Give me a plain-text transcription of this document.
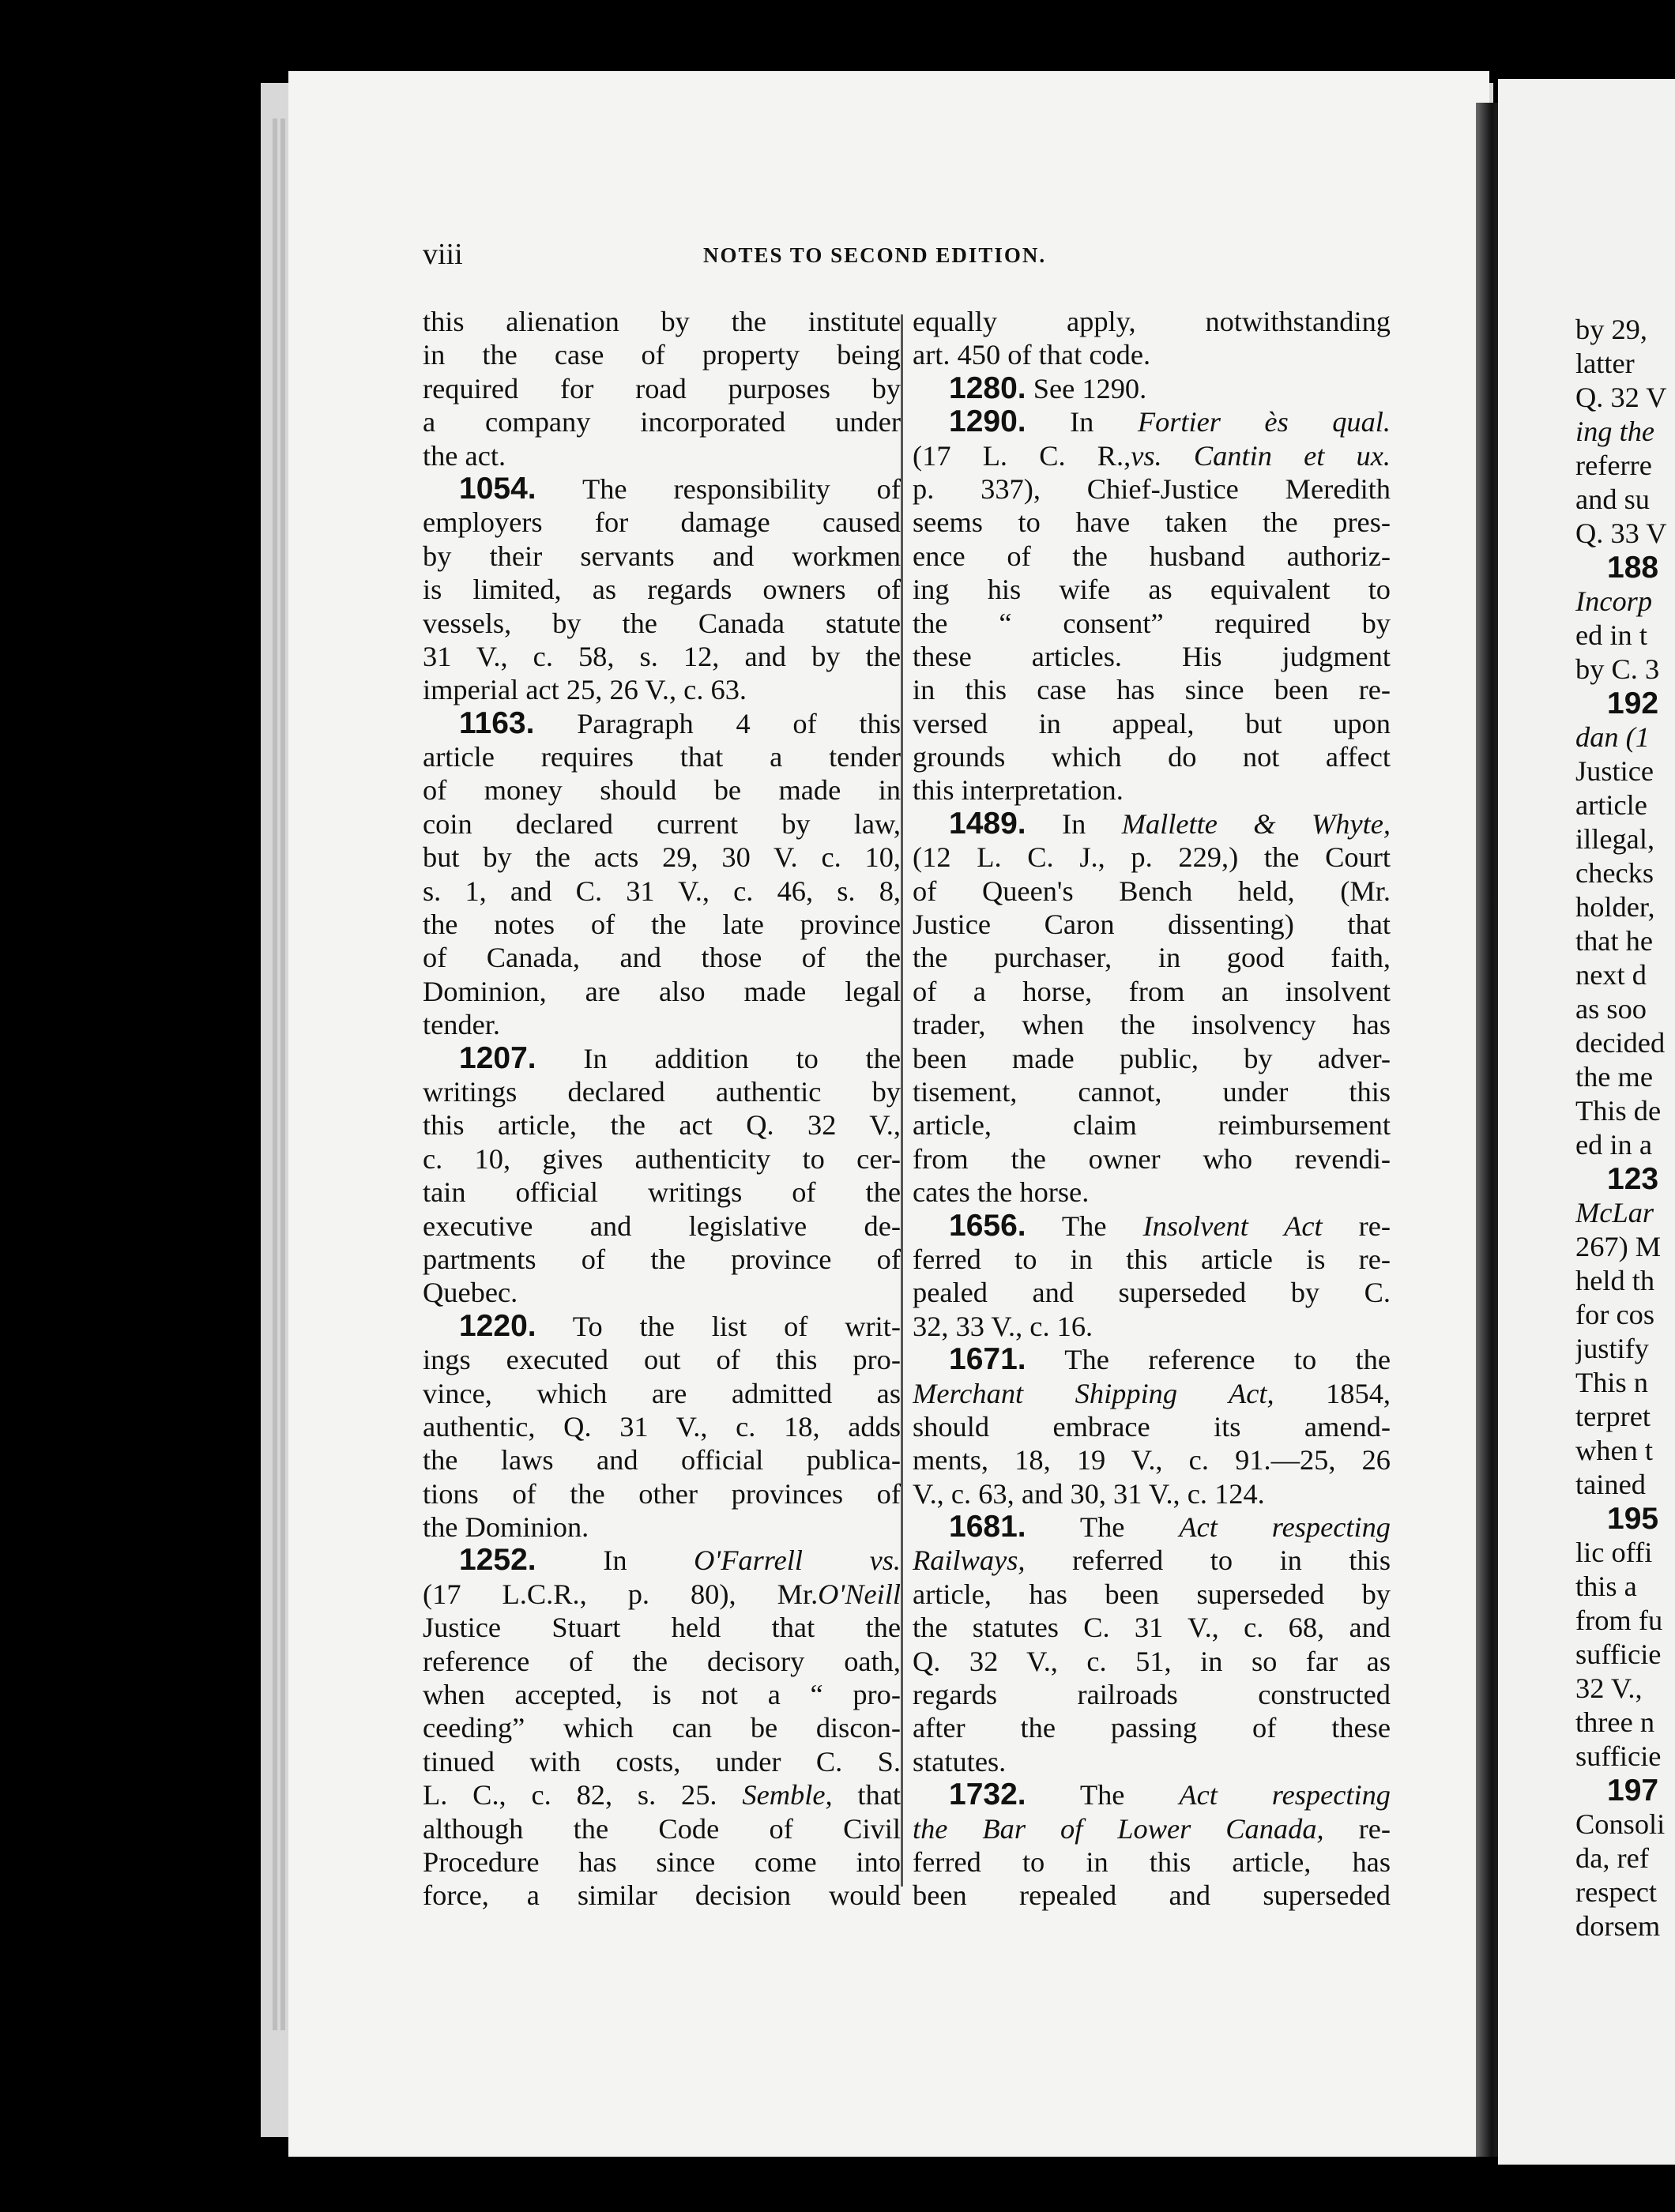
viii	NOTES TO SECOND EDITION.
this alienation by the institute
in the case of property being
required for road purposes by
a company incorporated under
the act.
1054. The responsibility of
employers for damage caused
by their servants and workmen
is limited, as regards owners of
vessels, by the Canada statute
31 V., c. 58, s. 12, and by the
imperial act 25, 26 V., c. 63.
1163. Paragraph 4 of this
article requires that a tender
of money should be made in
coin declared current by law,
but by the acts 29, 30 V. c. 10,
s. 1, and C. 31 V., c. 46, s. 8,
the notes of the late province
of Canada, and those of the
Dominion, are also made legal
tender.
1207. In addition to the
writings declared authentic by
this article, the act Q. 32 V.,
c. 10, gives authenticity to cer-
tain official writings of the
executive and legislative de-
partments of the province of
Quebec.
1220. To the list of writ-
ings executed out of this pro-
vince, which are admitted as
authentic, Q. 31 V., c. 18, adds
the laws and official publica-
tions of the other provinces of
the Dominion.
1252. In O'Farrell vs.
(17 L.C.R., p. 80), Mr.O'Neill
Justice Stuart held that the
reference of the decisory oath,
when accepted, is not a “ pro-
ceeding” which can be discon-
tinued with costs, under C. S.
L. C., c. 82, s. 25. Semble, that
although the Code of Civil
Procedure has since come into
force, a similar decision would
equally apply, notwithstanding
art. 450 of that code.
1280. See 1290.
1290. In Fortier ès qual.
(17 L. C. R.,vs. Cantin et ux.
p. 337), Chief-Justice Meredith
seems to have taken the pres-
ence of the husband authoriz-
ing his wife as equivalent to
the “ consent” required by
these articles. His judgment
in this case has since been re-
versed in appeal, but upon
grounds which do not affect
this interpretation.
1489. In Mallette & Whyte,
(12 L. C. J., p. 229,) the Court
of Queen's Bench held, (Mr.
Justice Caron dissenting) that
the purchaser, in good faith,
of a horse, from an insolvent
trader, when the insolvency has
been made public, by adver-
tisement, cannot, under this
article, claim reimbursement
from the owner who revendi-
cates the horse.
1656. The Insolvent Act re-
ferred to in this article is re-
pealed and superseded by C.
32, 33 V., c. 16.
1671. The reference to the
Merchant Shipping Act, 1854,
should embrace its amend-
ments, 18, 19 V., c. 91.—25, 26
V., c. 63, and 30, 31 V., c. 124.
1681. The Act respecting
Railways, referred to in this
article, has been superseded by
the statutes C. 31 V., c. 68, and
Q. 32 V., c. 51, in so far as
regards railroads constructed
after the passing of these
statutes.
1732. The Act respecting
the Bar of Lower Canada, re-
ferred to in this article, has
been repealed and superseded
by 29,
latter
Q. 32 V
ing the
referre
and su
Q. 33 V
188
Incorp
ed in t
by C. 3
192
dan (1
Justice
article
illegal,
checks
holder,
that he
next d
as soo
decided
the me
This de
ed in a
123
McLar
267) M
held th
for cos
justify
This n
terpret
when t
tained
195
lic offi
this a
from fu
sufficie
32 V.,
three n
sufficie
197
Consoli
da, ref
respect
dorsem
